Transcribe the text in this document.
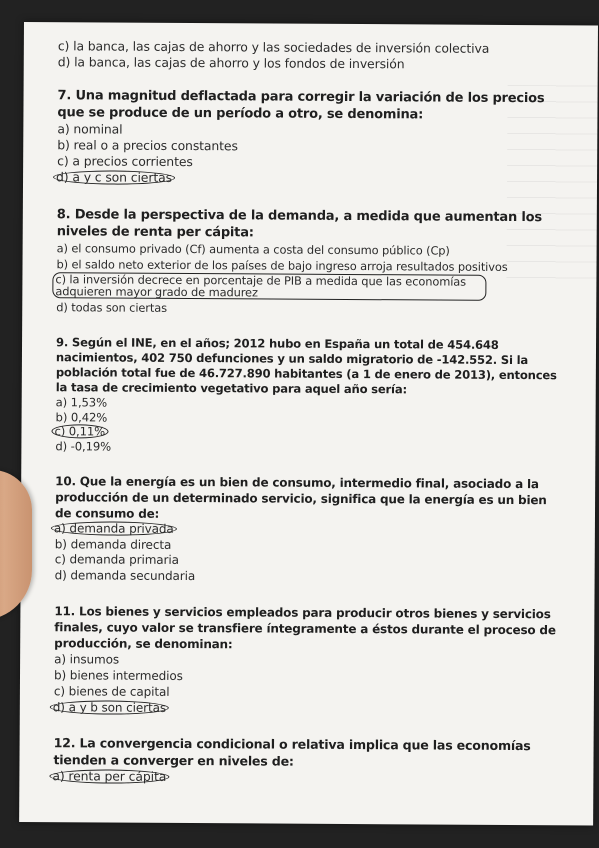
c) la banca, las cajas de ahorro y las sociedades de inversión colectiva
d) la banca, las cajas de ahorro y los fondos de inversión
7. Una magnitud deflactada para corregir la variación de los precios que se produce de un período a otro, se denomina:
a) nominal
b) real o a precios constantes
c) a precios corrientes
d) a y c son ciertas
8. Desde la perspectiva de la demanda, a medida que aumentan los niveles de renta per cápita:
a) el consumo privado (Cf) aumenta a costa del consumo público (Cp)
b) el saldo neto exterior de los países de bajo ingreso arroja resultados positivos
c) la inversión decrece en porcentaje de PIB a medida que las economías adquieren mayor grado de madurez
d) todas son ciertas
9. Según el INE, en el años; 2012 hubo en España un total de 454.648 nacimientos, 402 750 defunciones y un saldo migratorio de -142.552. Si la población total fue de 46.727.890 habitantes (a 1 de enero de 2013), entonces la tasa de crecimiento vegetativo para aquel año sería:
a) 1,53%
b) 0,42%
c) 0,11%
d) -0,19%
10. Que la energía es un bien de consumo, intermedio final, asociado a la producción de un determinado servicio, significa que la energía es un bien de consumo de:
a) demanda privada
b) demanda directa
c) demanda primaria
d) demanda secundaria
11. Los bienes y servicios empleados para producir otros bienes y servicios finales, cuyo valor se transfiere íntegramente a éstos durante el proceso de producción, se denominan:
a) insumos
b) bienes intermedios
c) bienes de capital
d) a y b son ciertas
12. La convergencia condicional o relativa implica que las economías tienden a converger en niveles de:
a) renta per cápita
